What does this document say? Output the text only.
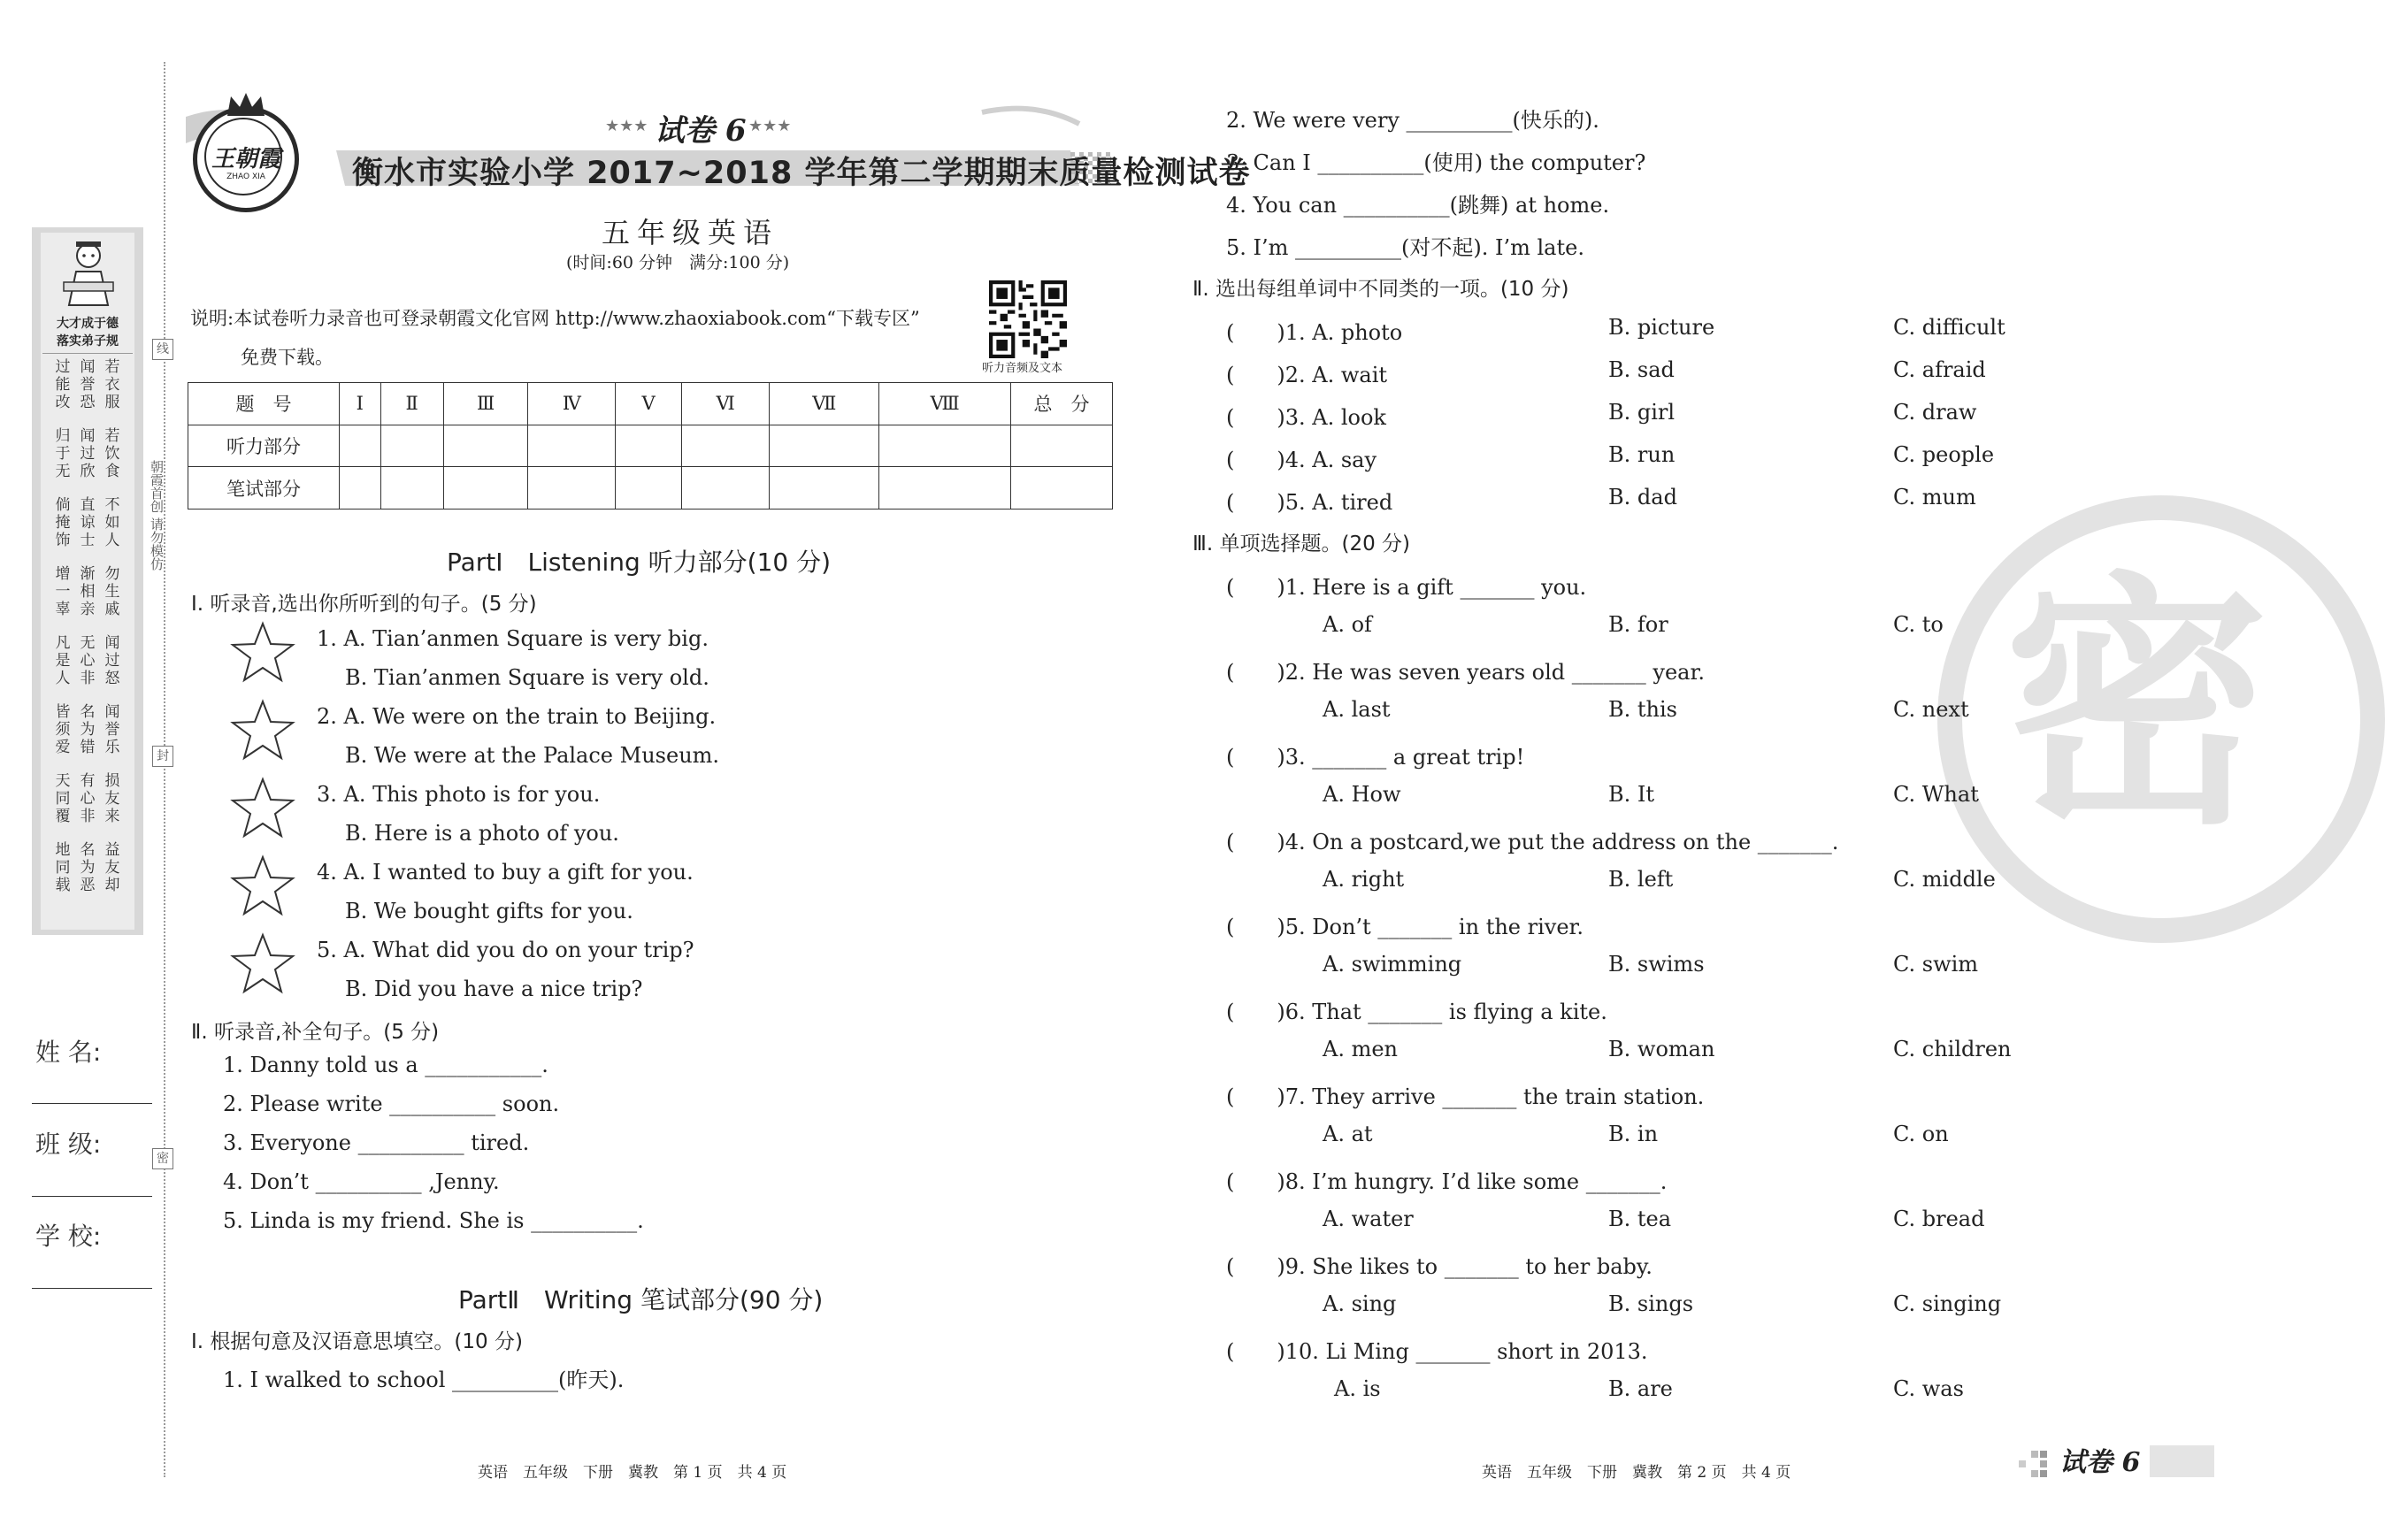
线
封
密
朝霞首创 请勿模仿
大才成于德
落实弟子规
过能改
闻誉恐
若衣服
归于无
闻过欣
若饮食
倘掩饰
直谅士
不如人
增一辜
渐相亲
勿生戚
凡是人
无心非
闻过怒
皆须爱
名为错
闻誉乐
天同覆
有心非
损友来
地同载
名为恶
益友却
姓 名:
班 级:
学 校:
王朝霞
ZHAO XIA
★★★ 试卷 6 ★★★
衡水市实验小学 2017~2018 学年第二学期期末质量检测试卷
五年级英语
(时间:60 分钟　满分:100 分)
说明:本试卷听力录音也可登录朝霞文化官网 http://www.zhaoxiabook.com“下载专区”
免费下载。
听力音频及文本
题　号	Ⅰ	Ⅱ	Ⅲ	Ⅳ	Ⅴ	Ⅵ	Ⅶ	Ⅷ	总　分
听力部分									
笔试部分									
PartⅠ　Listening 听力部分(10 分)
Ⅰ. 听录音,选出你所听到的句子。(5 分)
1. A. Tian’anmen Square is very big.
B. Tian’anmen Square is very old.
2. A. We were on the train to Beijing.
B. We were at the Palace Museum.
3. A. This photo is for you.
B. Here is a photo of you.
4. A. I wanted to buy a gift for you.
B. We bought gifts for you.
5. A. What did you do on your trip?
B. Did you have a nice trip?
Ⅱ. 听录音,补全句子。(5 分)
1. Danny told us a ___________.
2. Please write __________ soon.
3. Everyone __________ tired.
4. Don’t __________ ,Jenny.
5. Linda is my friend. She is __________.
PartⅡ　Writing 笔试部分(90 分)
Ⅰ. 根据句意及汉语意思填空。(10 分)
1. I walked to school __________(昨天).
英语　五年级　下册　冀教　第 1 页　共 4 页
密
2. We were very __________(快乐的).
3. Can I __________(使用) the computer?
4. You can __________(跳舞) at home.
5. I’m __________(对不起). I’m late.
Ⅱ. 选出每组单词中不同类的一项。(10 分)
(　　)1. A. photo	B. picture	C. difficult
(　　)2. A. wait	B. sad	C. afraid
(　　)3. A. look	B. girl	C. draw
(　　)4. A. say	B. run	C. people
(　　)5. A. tired	B. dad	C. mum
Ⅲ. 单项选择题。(20 分)
(　　)1. Here is a gift _______ you.
A. of	B. for	C. to
(　　)2. He was seven years old _______ year.
A. last	B. this	C. next
(　　)3. _______ a great trip!
A. How	B. It	C. What
(　　)4. On a postcard,we put the address on the _______.
A. right	B. left	C. middle
(　　)5. Don’t _______ in the river.
A. swimming	B. swims	C. swim
(　　)6. That _______ is flying a kite.
A. men	B. woman	C. children
(　　)7. They arrive _______ the train station.
A. at	B. in	C. on
(　　)8. I’m hungry. I’d like some _______.
A. water	B. tea	C. bread
(　　)9. She likes to _______ to her baby.
A. sing	B. sings	C. singing
(　　)10. Li Ming _______ short in 2013.
A. is	B. are	C. was
英语　五年级　下册　冀教　第 2 页　共 4 页	试卷 6
